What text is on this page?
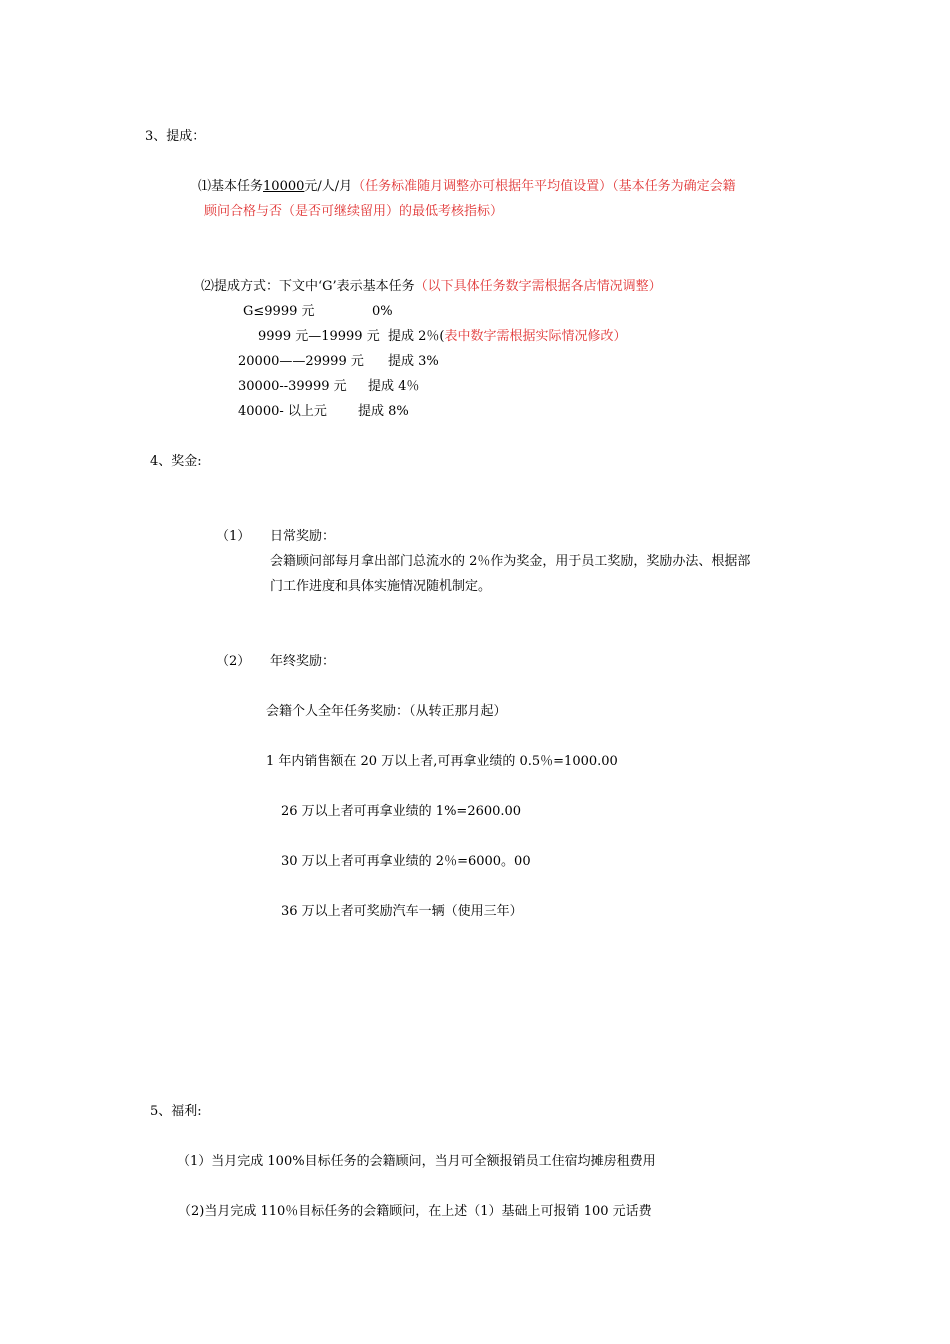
3、提成：
⑴基本任务10000元/人/月（任务标准随月调整亦可根据年平均值设置）（基本任务为确定会籍
顾问合格与否（是否可继续留用）的最低考核指标）
⑵提成方式：下文中‘G’表示基本任务（以下具体任务数字需根据各店情况调整）
G≤9999 元	0%
9999 元—19999 元 提成 2％(表中数字需根据实际情况修改）
20000——29999 元 提成 3%
30000--39999 元 提成 4％
40000- 以上元 提成 8%
4、奖金:
（1） 日常奖励：
会籍顾问部每月拿出部门总流水的 2％作为奖金，用于员工奖励，奖励办法、根据部
门工作进度和具体实施情况随机制定。
（2） 年终奖励：
会籍个人全年任务奖励：（从转正那月起）
1 年内销售额在 20 万以上者,可再拿业绩的 0.5％=1000.00
26 万以上者可再拿业绩的 1%=2600.00
30 万以上者可再拿业绩的 2％=6000。00
36 万以上者可奖励汽车一辆（使用三年）
5、福利:
（1）当月完成 100%目标任务的会籍顾问，当月可全额报销员工住宿均摊房租费用
（2)当月完成 110％目标任务的会籍顾问，在上述（1）基础上可报销 100 元话费
